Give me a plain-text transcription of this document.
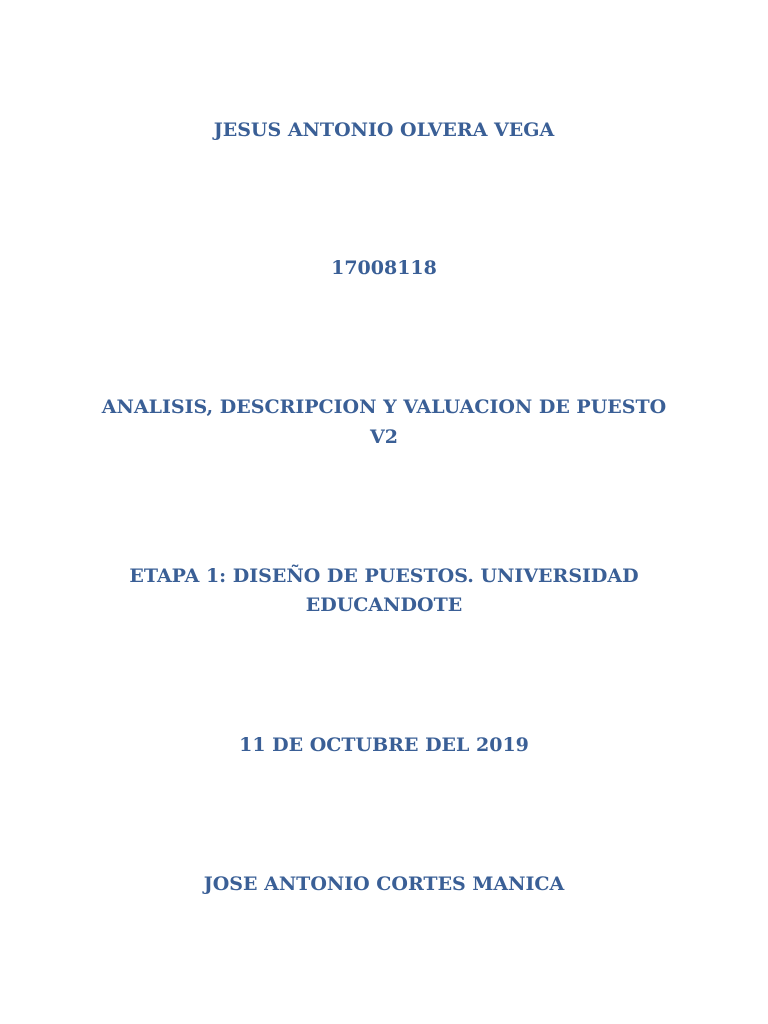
JESUS ANTONIO OLVERA VEGA

17008118

ANALISIS, DESCRIPCION Y VALUACION DE PUESTO

V2

ETAPA 1: DISEÑO DE PUESTOS. UNIVERSIDAD

EDUCANDOTE

11 DE OCTUBRE DEL 2019

JOSE ANTONIO CORTES MANICA
